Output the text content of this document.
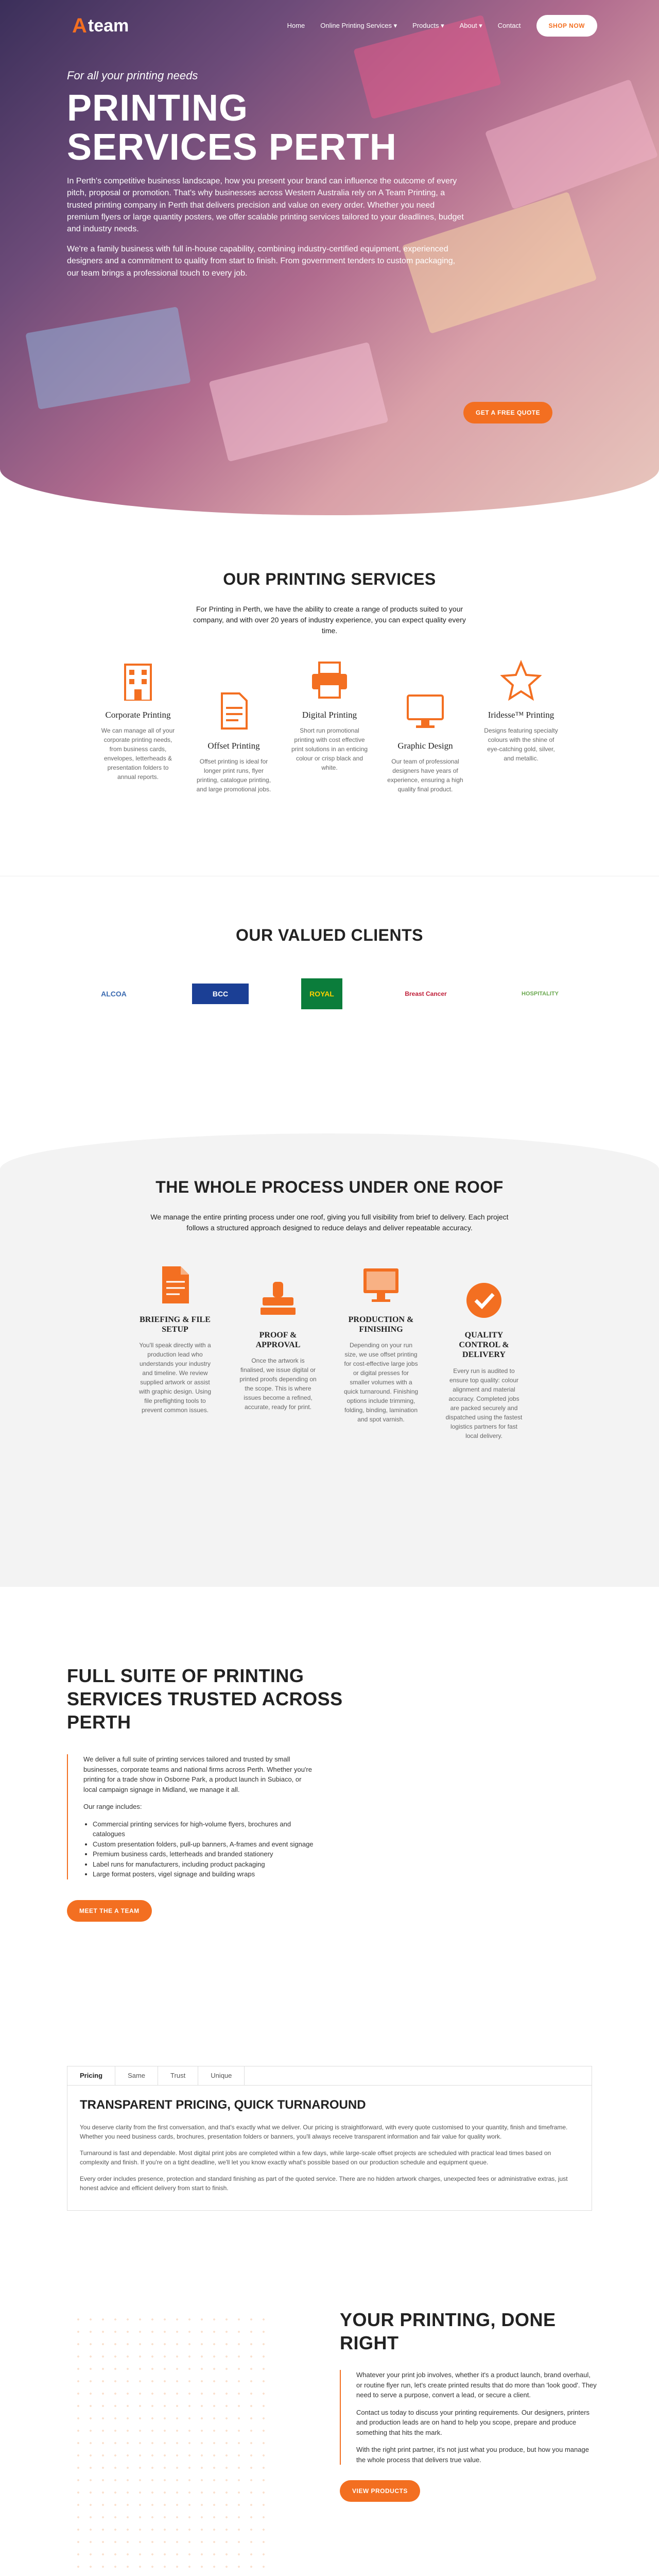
A team	Home Online Printing Services ▾ Products ▾ About ▾ Contact	SHOP NOW
For all your printing needs
PRINTING
SERVICES PERTH

In Perth's competitive business landscape, how you present your brand can influence the outcome of every pitch, proposal or promotion. That's why businesses across Western Australia rely on A Team Printing, a trusted printing company in Perth that delivers precision and value on every order. Whether you need premium flyers or large quantity posters, we offer scalable printing services tailored to your deadlines, budget and industry needs.

We're a family business with full in-house capability, combining industry-certified equipment, experienced designers and a commitment to quality from start to finish. From government tenders to custom packaging, our team brings a professional touch to every job.

GET A FREE QUOTE
OUR PRINTING SERVICES

For Printing in Perth, we have the ability to create a range of products suited to your company, and with over 20 years of industry experience, you can expect quality every time.

Corporate Printing

We can manage all of your corporate printing needs, from business cards, envelopes, letterheads & presentation folders to annual reports.

Offset Printing

Offset printing is ideal for longer print runs, flyer printing, catalogue printing, and large promotional jobs.

Digital Printing

Short run promotional printing with cost effective print solutions in an enticing colour or crisp black and white.

Graphic Design

Our team of professional designers have years of experience, ensuring a high quality final product.

Iridesse™ Printing

Designs featuring specialty colours with the shine of eye-catching gold, silver, and metallic.

OUR VALUED CLIENTS
ALCOA	BCC	ROYAL	Breast Cancer	HOSPITALITY
THE WHOLE PROCESS UNDER ONE ROOF

We manage the entire printing process under one roof, giving you full visibility from brief to delivery. Each project follows a structured approach designed to reduce delays and deliver repeatable accuracy.

BRIEFING & FILE SETUP

You'll speak directly with a production lead who understands your industry and timeline. We review supplied artwork or assist with graphic design. Using file preflighting tools to prevent common issues.

PROOF & APPROVAL

Once the artwork is finalised, we issue digital or printed proofs depending on the scope. This is where issues become a refined, accurate, ready for print.

PRODUCTION & FINISHING

Depending on your run size, we use offset printing for cost-effective large jobs or digital presses for smaller volumes with a quick turnaround. Finishing options include trimming, folding, binding, lamination and spot varnish.

QUALITY CONTROL & DELIVERY

Every run is audited to ensure top quality: colour alignment and material accuracy. Completed jobs are packed securely and dispatched using the fastest logistics partners for fast local delivery.

FULL SUITE OF PRINTING SERVICES TRUSTED ACROSS PERTH

We deliver a full suite of printing services tailored and trusted by small businesses, corporate teams and national firms across Perth. Whether you're printing for a trade show in Osborne Park, a product launch in Subiaco, or local campaign signage in Midland, we manage it all.

Our range includes:

• Commercial printing services for high-volume flyers, brochures and catalogues
• Custom presentation folders, pull-up banners, A-frames and event signage
• Premium business cards, letterheads and branded stationery
• Label runs for manufacturers, including product packaging
• Large format posters, vigel signage and building wraps
MEET THE A TEAM
Pricing	Same	Trust	Unique
TRANSPARENT PRICING, QUICK TURNAROUND

You deserve clarity from the first conversation, and that's exactly what we deliver. Our pricing is straightforward, with every quote customised to your quantity, finish and timeframe. Whether you need business cards, brochures, presentation folders or banners, you'll always receive transparent information and fair value for quality work.

Turnaround is fast and dependable. Most digital print jobs are completed within a few days, while large-scale offset projects are scheduled with practical lead times based on complexity and finish. If you're on a tight deadline, we'll let you know exactly what's possible based on our production schedule and equipment queue.

Every order includes presence, protection and standard finishing as part of the quoted service. There are no hidden artwork charges, unexpected fees or administrative extras, just honest advice and efficient delivery from start to finish.

YOUR PRINTING, DONE RIGHT

Whatever your print job involves, whether it's a product launch, brand overhaul, or routine flyer run, let's create printed results that do more than 'look good'. They need to serve a purpose, convert a lead, or secure a client.

Contact us today to discuss your printing requirements. Our designers, printers and production leads are on hand to help you scope, prepare and produce something that hits the mark.

With the right print partner, it's not just what you produce, but how you manage the whole process that delivers true value.

VIEW PRODUCTS
